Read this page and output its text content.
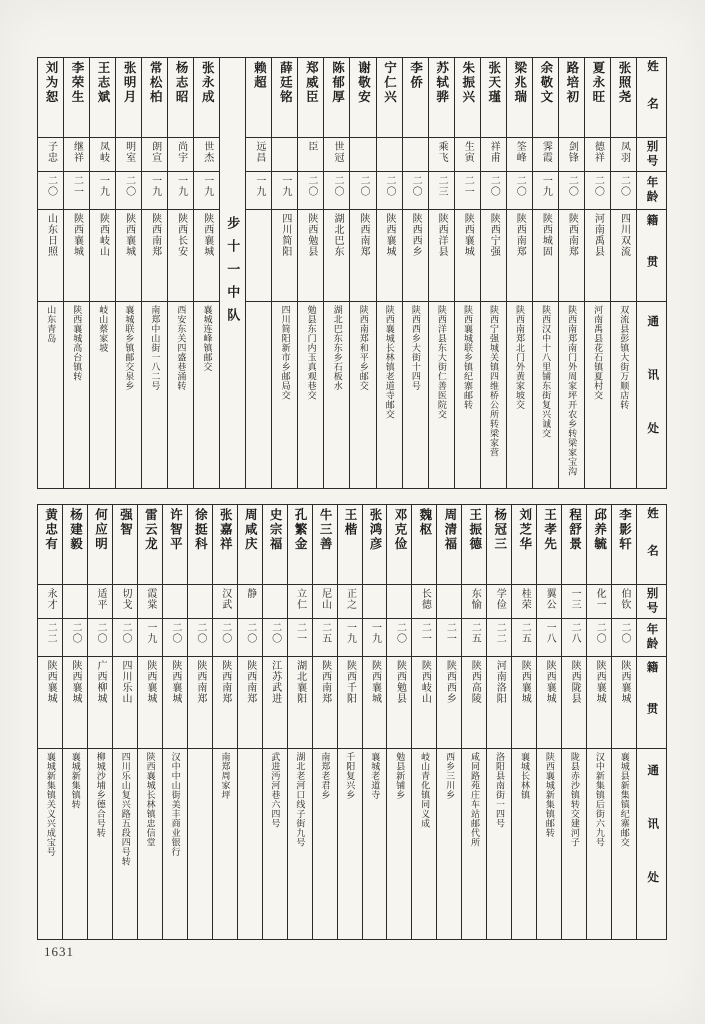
姓名
别号
年龄
籍贯
通讯处
张照尧
凤羽
二〇
四川双流
双流县彭镇大街万顺店转
夏永旺
德祥
二〇
河南禹县
河南禹县花石镇夏村交
路培初
剑锋
二〇
陕西南郑
陕西南郑南门外周家坪开农乡转梁家宝沟
余敬文
霁霞
一九
陕西城固
陕西汉中十八里铺东街复兴诚交
梁兆瑞
筌峰
二〇
陕西南郑
陕西南郑北门外黄家坡交
张天瑾
祥甫
二〇
陕西宁强
陕西宁强城关镇四维桥公所转梁家营
朱振兴
生寅
二一
陕西襄城
陕西襄城联乡镇纪寨邮转
苏轼骅
乘飞
二三
陕西洋县
陕西洋县东大街仁善医院交
李侨
二〇
陕西西乡
陕西西乡大街十四号
宁仁兴
二〇
陕西襄城
陕西襄城长林镇老道寺邮交
谢敬安
二〇
陕西南郑
陕西南郑和平乡邮交
陈郁厚
世冠
二〇
湖北巴东
湖北巴东东乡石板水
郑威臣
臣
二〇
陕西勉县
勉县东门内玉真观巷交
薛廷铭
一九
四川简阳
四川简阳新市乡邮局交
赖超
远昌
一九
步十一中队
张永成
世杰
一九
陕西襄城
襄城连峰镇邮交
杨志昭
尚宇
一九
陕西长安
西安东关四盛巷涌转
常松柏
朗宣
一九
陕西南郑
南郑中山街一八二号
张明月
明室
二〇
陕西襄城
襄城联乡镇邮交泉乡
王志斌
凤岐
一九
陕西岐山
岐山蔡家坡
李荣生
继祥
二一
陕西襄城
陕西襄城高台镇转
刘为恕
子忠
二〇
山东日照
山东青岛
姓名
别号
年龄
籍贯
通讯处
李影轩
伯钦
二〇
陕西襄城
襄城县新集镇纪寨邮交
邱养毓
化一
二〇
陕西襄城
汉中新集镇后街六九号
程舒景
一三
二八
陕西陇县
陇县赤沙镇转交建河子
王孝先
翼公
一八
陕西襄城
陕西襄城新集镇邮转
刘芝华
桂荣
二五
陕西襄城
襄城长林镇
杨冠三
学俭
二二
河南洛阳
洛阳县南街一四号
王振德
东愉
二五
陕西高陵
咸同路苑庄车站邮代所
周清福
二一
陕西西乡
西乡三川乡
魏枢
长德
二一
陕西岐山
岐山青化镇同义成
邓克俭
二〇
陕西勉县
勉县新铺乡
张鸿彦
一九
陕西襄城
襄城老道寺
王楷
正之
一九
陕西千阳
千阳复兴乡
牛三善
尼山
二五
陕西南郑
南郑老君乡
孔繁金
立仁
二一
湖北襄阳
湖北老河口线子街九号
史宗福
二〇
江苏武进
武进沔河巷六四号
周咸庆
静
二〇
陕西南郑
张嘉祥
汉武
二〇
陕西南郑
南郑周家坪
徐挺科
二〇
陕西南郑
许智平
二〇
陕西襄城
汉中中山街美丰商业银行
雷云龙
霞棠
一九
陕西襄城
陕西襄城长林镇忠信堂
强智
切戈
二〇
四川乐山
四川乐山复兴路五段四号转
何应明
适平
二〇
广西柳城
柳城沙埔乡德合号转
杨建毅
二〇
陕西襄城
襄城新集镇转
黄忠有
永才
二二
陕西襄城
襄城新集镇关义兴成宝号
1631
